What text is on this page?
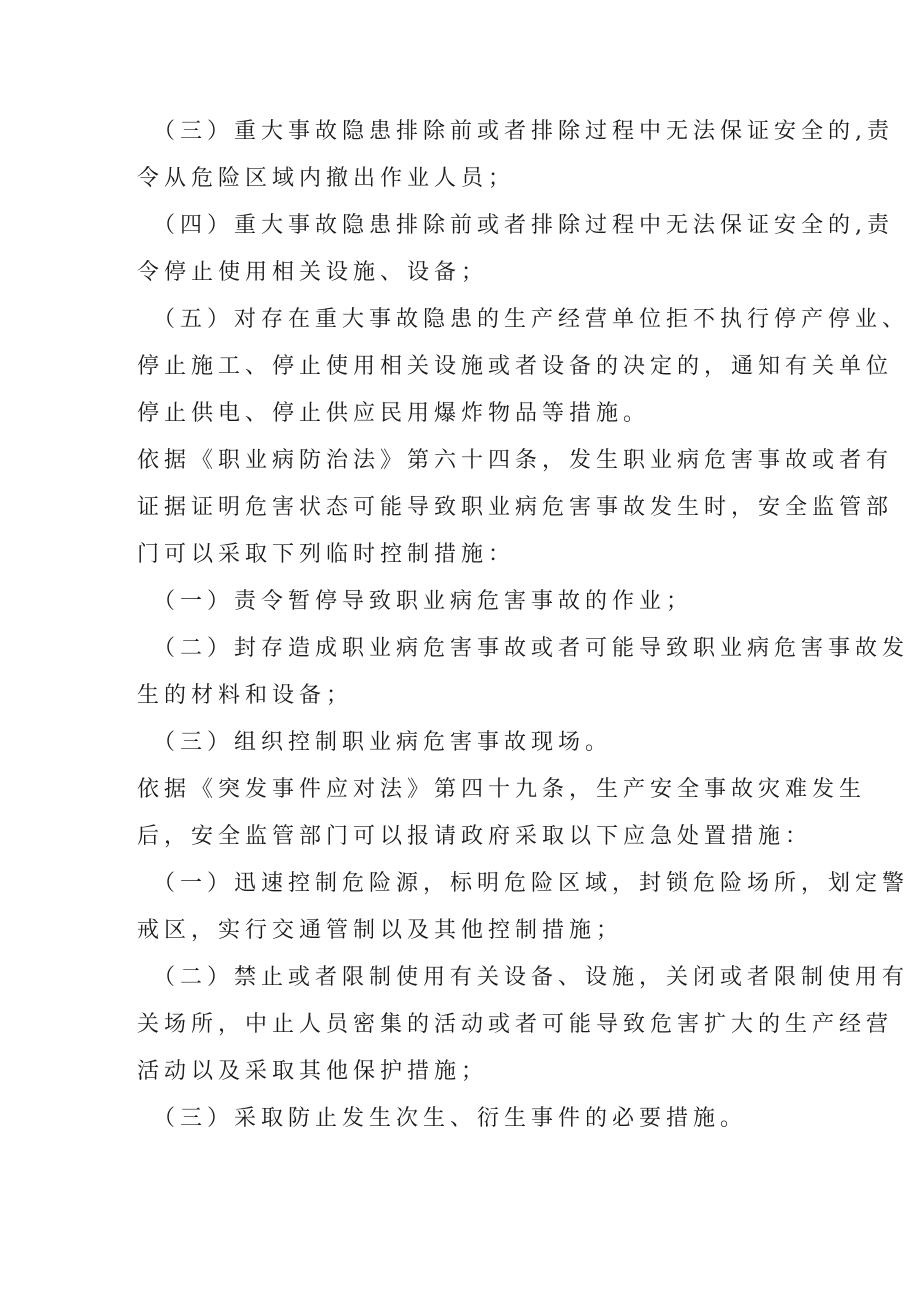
（三）重大事故隐患排除前或者排除过程中无法保证安全的,责
令从危险区域内撤出作业人员；
（四）重大事故隐患排除前或者排除过程中无法保证安全的,责
令停止使用相关设施、设备；
（五）对存在重大事故隐患的生产经营单位拒不执行停产停业、
停止施工、停止使用相关设施或者设备的决定的，通知有关单位
停止供电、停止供应民用爆炸物品等措施。
依据《职业病防治法》第六十四条，发生职业病危害事故或者有
证据证明危害状态可能导致职业病危害事故发生时，安全监管部
门可以采取下列临时控制措施：
（一）责令暂停导致职业病危害事故的作业；
（二）封存造成职业病危害事故或者可能导致职业病危害事故发
生的材料和设备；
（三）组织控制职业病危害事故现场。
依据《突发事件应对法》第四十九条，生产安全事故灾难发生
后，安全监管部门可以报请政府采取以下应急处置措施：
（一）迅速控制危险源，标明危险区域，封锁危险场所，划定警
戒区，实行交通管制以及其他控制措施；
（二）禁止或者限制使用有关设备、设施，关闭或者限制使用有
关场所，中止人员密集的活动或者可能导致危害扩大的生产经营
活动以及采取其他保护措施；
（三）采取防止发生次生、衍生事件的必要措施。
